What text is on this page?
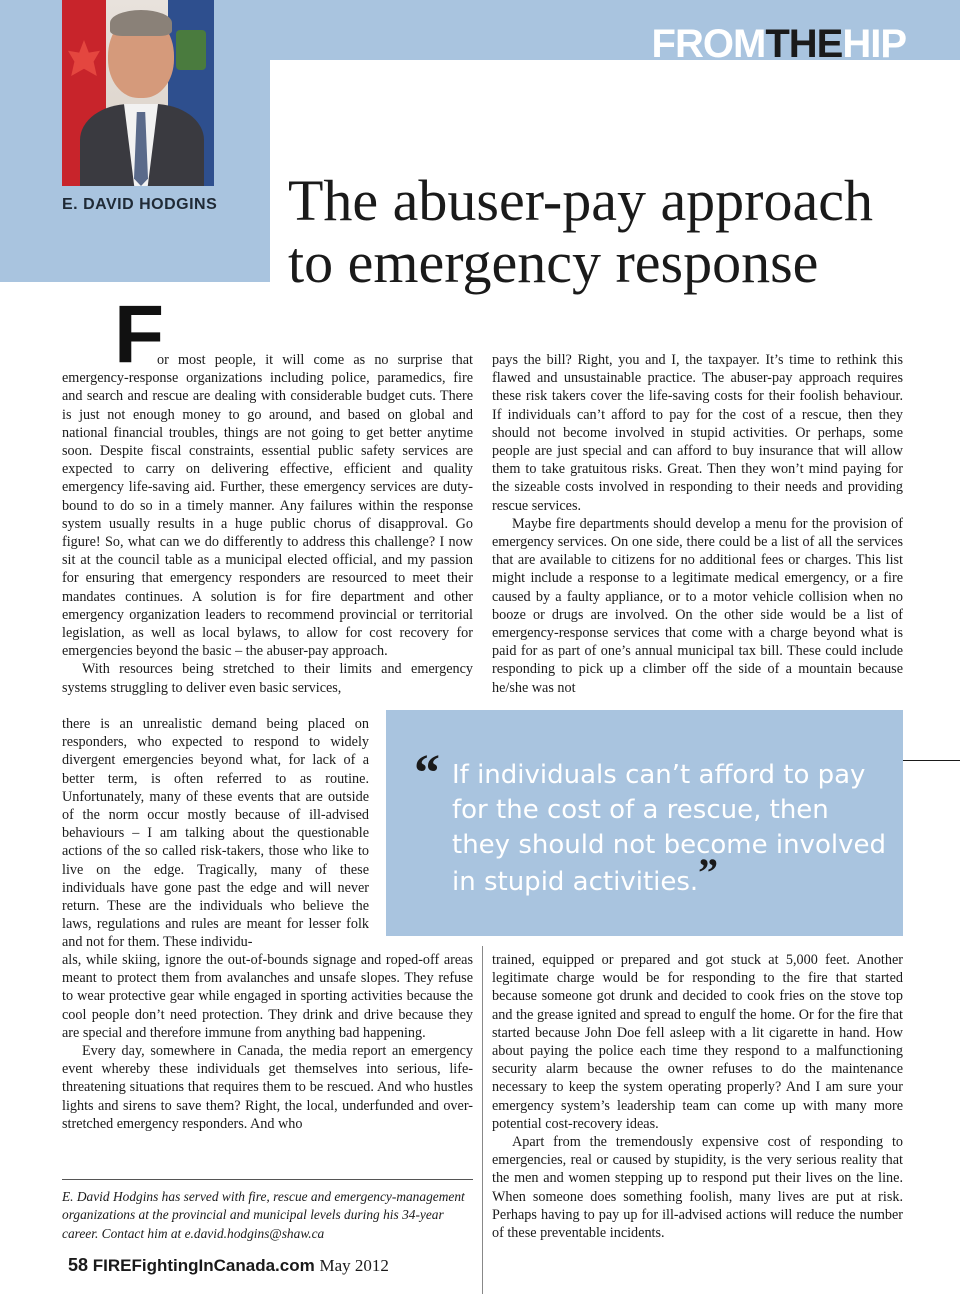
E. DAVID HODGINS
FROMTHEHIP
The abuser-pay approach
to emergency response
F

or most people, it will come as no surprise that emergency-response organizations including police, paramedics, fire and search and rescue are dealing with considerable budget cuts. There is just not enough money to go around, and based on global and national financial troubles, things are not going to get better anytime soon. Despite fiscal constraints, essential public safety services are expected to carry on delivering effective, efficient and quality emergency life-saving aid. Further, these emergency services are duty-bound to do so in a timely manner. Any failures within the response system usually results in a huge public chorus of disapproval. Go figure! So, what can we do differently to address this challenge? I now sit at the council table as a municipal elected official, and my passion for ensuring that emergency responders are resourced to meet their mandates continues. A solution is for fire department and other emergency organization leaders to recommend provincial or territorial legislation, as well as local bylaws, to allow for cost recovery for emergencies beyond the basic – the abuser-pay approach.

With resources being stretched to their limits and emergency systems struggling to deliver even basic services,

there is an unrealistic demand being placed on responders, who expected to respond to widely divergent emergencies beyond what, for lack of a better term, is often referred to as routine. Unfortunately, many of these events that are outside of the norm occur mostly because of ill-advised behaviours – I am talking about the questionable actions of the so called risk-takers, those who like to live on the edge. Tragically, many of these individuals have gone past the edge and will never return. These are the individuals who believe the laws, regulations and rules are meant for lesser folk and not for them. These individu-

als, while skiing, ignore the out-of-bounds signage and roped-off areas meant to protect them from avalanches and unsafe slopes. They refuse to wear protective gear while engaged in sporting activities because the cool people don’t need protection. They drink and drive because they are special and therefore immune from anything bad happening.

Every day, somewhere in Canada, the media report an emergency event whereby these individuals get themselves into serious, life-threatening situations that requires them to be rescued. And who hustles lights and sirens to save them? Right, the local, underfunded and over-stretched emergency responders. And who

pays the bill? Right, you and I, the taxpayer. It’s time to rethink this flawed and unsustainable practice. The abuser-pay approach requires these risk takers cover the life-saving costs for their foolish behaviour. If individuals can’t afford to pay for the cost of a rescue, then they should not become involved in stupid activities. Or perhaps, some people are just special and can afford to buy insurance that will allow them to take gratuitous risks. Great. Then they won’t mind paying for the sizeable costs involved in responding to their needs and providing rescue services.

Maybe fire departments should develop a menu for the provision of emergency services. On one side, there could be a list of all the services that are available to citizens for no additional fees or charges. This list might include a response to a legitimate medical emergency, or a fire caused by a faulty appliance, or to a motor vehicle collision when no booze or drugs are involved. On the other side would be a list of emergency-response services that come with a charge beyond what is paid for as part of one’s annual municipal tax bill. These could include responding to pick up a climber off the side of a mountain because he/she was not

“ If individuals can’t afford to pay for the cost of a rescue, then they should not become involved in stupid activities.”

trained, equipped or prepared and got stuck at 5,000 feet. Another legitimate charge would be for responding to the fire that started because someone got drunk and decided to cook fries on the stove top and the grease ignited and spread to engulf the home. Or for the fire that started because John Doe fell asleep with a lit cigarette in hand. How about paying the police each time they respond to a malfunctioning security alarm because the owner refuses to do the maintenance necessary to keep the system operating properly? And I am sure your emergency system’s leadership team can come up with many more potential cost-recovery ideas.

Apart from the tremendously expensive cost of responding to emergencies, real or caused by stupidity, is the very serious reality that the men and women stepping up to respond put their lives on the line. When someone does something foolish, many lives are put at risk. Perhaps having to pay up for ill-advised actions will reduce the number of these preventable incidents.

E. David Hodgins has served with fire, rescue and emergency-management organizations at the provincial and municipal levels during his 34-year career. Contact him at e.david.hodgins@shaw.ca
58 FIREFightingInCanada.com May 2012
